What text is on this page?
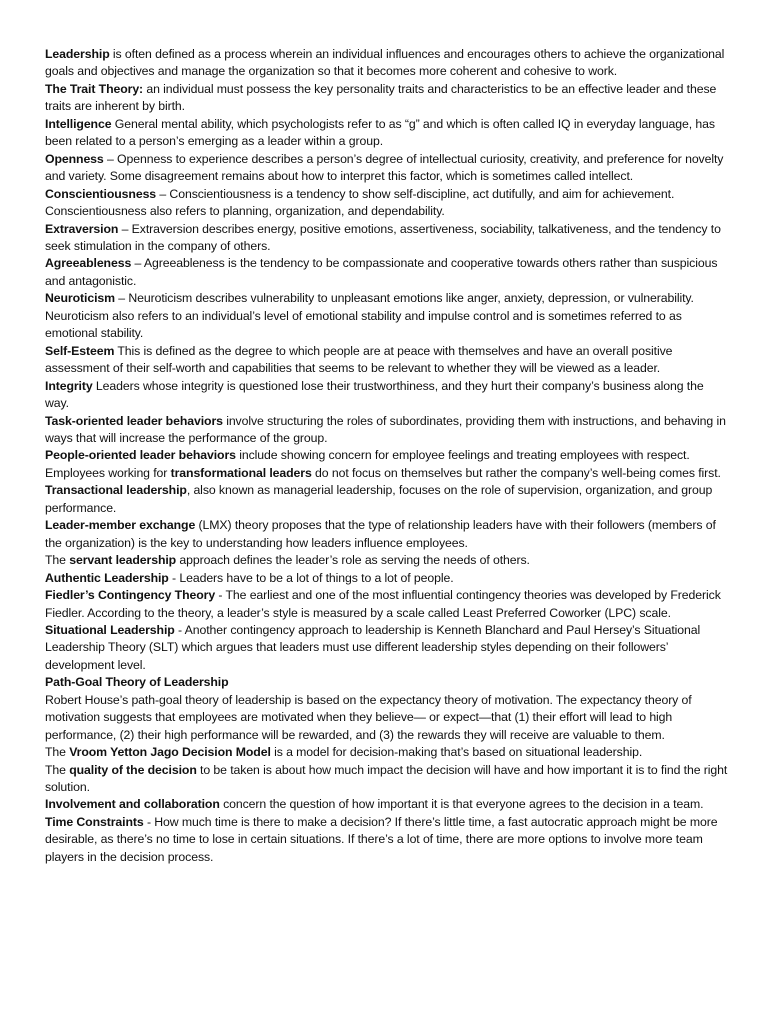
Leadership is often defined as a process wherein an individual influences and encourages others to achieve the organizational goals and objectives and manage the organization so that it becomes more coherent and cohesive to work.

The Trait Theory: an individual must possess the key personality traits and characteristics to be an effective leader and these traits are inherent by birth.

Intelligence General mental ability, which psychologists refer to as “g” and which is often called IQ in everyday language, has been related to a person’s emerging as a leader within a group.

Openness – Openness to experience describes a person’s degree of intellectual curiosity, creativity, and preference for novelty and variety. Some disagreement remains about how to interpret this factor, which is sometimes called intellect.

Conscientiousness – Conscientiousness is a tendency to show self-discipline, act dutifully, and aim for achievement. Conscientiousness also refers to planning, organization, and dependability.

Extraversion – Extraversion describes energy, positive emotions, assertiveness, sociability, talkativeness, and the tendency to seek stimulation in the company of others.

Agreeableness – Agreeableness is the tendency to be compassionate and cooperative towards others rather than suspicious and antagonistic.

Neuroticism – Neuroticism describes vulnerability to unpleasant emotions like anger, anxiety, depression, or vulnerability. Neuroticism also refers to an individual’s level of emotional stability and impulse control and is sometimes referred to as emotional stability.

Self-Esteem This is defined as the degree to which people are at peace with themselves and have an overall positive assessment of their self-worth and capabilities that seems to be relevant to whether they will be viewed as a leader.

Integrity Leaders whose integrity is questioned lose their trustworthiness, and they hurt their company’s business along the way.

Task-oriented leader behaviors involve structuring the roles of subordinates, providing them with instructions, and behaving in ways that will increase the performance of the group.

People-oriented leader behaviors include showing concern for employee feelings and treating employees with respect. Employees working for transformational leaders do not focus on themselves but rather the company’s well-being comes first.

Transactional leadership, also known as managerial leadership, focuses on the role of supervision, organization, and group performance.

Leader-member exchange (LMX) theory proposes that the type of relationship leaders have with their followers (members of the organization) is the key to understanding how leaders influence employees.

The servant leadership approach defines the leader’s role as serving the needs of others.

Authentic Leadership - Leaders have to be a lot of things to a lot of people.

Fiedler’s Contingency Theory - The earliest and one of the most influential contingency theories was developed by Frederick Fiedler. According to the theory, a leader’s style is measured by a scale called Least Preferred Coworker (LPC) scale.

Situational Leadership - Another contingency approach to leadership is Kenneth Blanchard and Paul Hersey’s Situational Leadership Theory (SLT) which argues that leaders must use different leadership styles depending on their followers’ development level.

Path-Goal Theory of Leadership

Robert House’s path-goal theory of leadership is based on the expectancy theory of motivation. The expectancy theory of motivation suggests that employees are motivated when they believe— or expect—that (1) their effort will lead to high performance, (2) their high performance will be rewarded, and (3) the rewards they will receive are valuable to them.

The Vroom Yetton Jago Decision Model is a model for decision-making that’s based on situational leadership.

The quality of the decision to be taken is about how much impact the decision will have and how important it is to find the right solution.

Involvement and collaboration concern the question of how important it is that everyone agrees to the decision in a team.

Time Constraints - How much time is there to make a decision? If there’s little time, a fast autocratic approach might be more desirable, as there’s no time to lose in certain situations. If there’s a lot of time, there are more options to involve more team players in the decision process.
